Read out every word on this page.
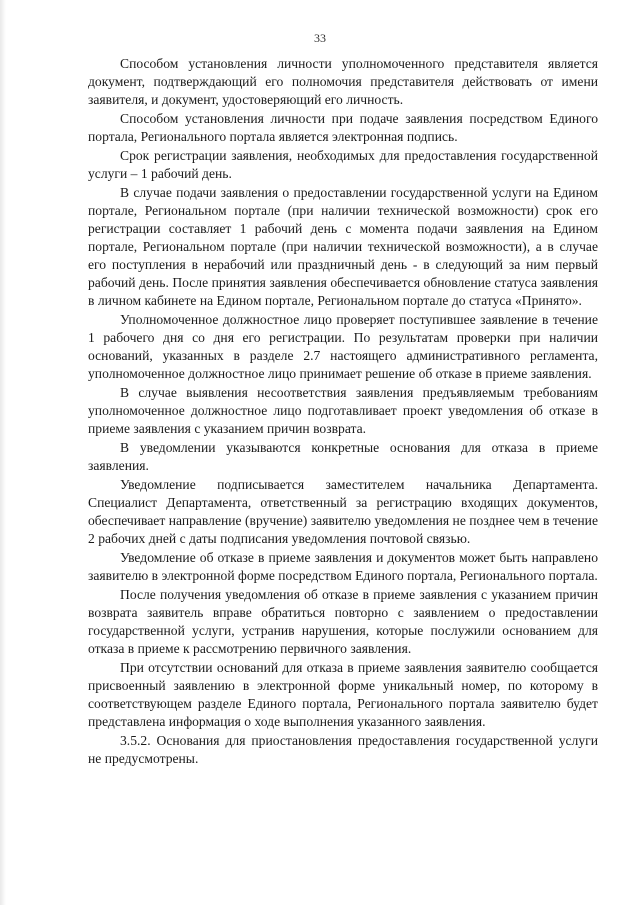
33

Способом установления личности уполномоченного представителя является документ, подтверждающий его полномочия представителя действовать от имени заявителя, и документ, удостоверяющий его личность.

Способом установления личности при подаче заявления посредством Единого портала, Регионального портала является электронная подпись.

Срок регистрации заявления, необходимых для предоставления государственной услуги – 1 рабочий день.

В случае подачи заявления о предоставлении государственной услуги на Едином портале, Региональном портале (при наличии технической возможности) срок его регистрации составляет 1 рабочий день с момента подачи заявления на Едином портале, Региональном портале (при наличии технической возможности), а в случае его поступления в нерабочий или праздничный день - в следующий за ним первый рабочий день. После принятия заявления обеспечивается обновление статуса заявления в личном кабинете на Едином портале, Региональном портале до статуса «Принято».

Уполномоченное должностное лицо проверяет поступившее заявление в течение 1 рабочего дня со дня его регистрации. По результатам проверки при наличии оснований, указанных в разделе 2.7 настоящего административного регламента, уполномоченное должностное лицо принимает решение об отказе в приеме заявления.

В случае выявления несоответствия заявления предъявляемым требованиям уполномоченное должностное лицо подготавливает проект уведомления об отказе в приеме заявления с указанием причин возврата.

В уведомлении указываются конкретные основания для отказа в приеме заявления.

Уведомление подписывается заместителем начальника Департамента. Специалист Департамента, ответственный за регистрацию входящих документов, обеспечивает направление (вручение) заявителю уведомления не позднее чем в течение 2 рабочих дней с даты подписания уведомления почтовой связью.

Уведомление об отказе в приеме заявления и документов может быть направлено заявителю в электронной форме посредством Единого портала, Регионального портала.

После получения уведомления об отказе в приеме заявления с указанием причин возврата заявитель вправе обратиться повторно с заявлением о предоставлении государственной услуги, устранив нарушения, которые послужили основанием для отказа в приеме к рассмотрению первичного заявления.

При отсутствии оснований для отказа в приеме заявления заявителю сообщается присвоенный заявлению в электронной форме уникальный номер, по которому в соответствующем разделе Единого портала, Регионального портала заявителю будет представлена информация о ходе выполнения указанного заявления.

3.5.2. Основания для приостановления предоставления государственной услуги не предусмотрены.
